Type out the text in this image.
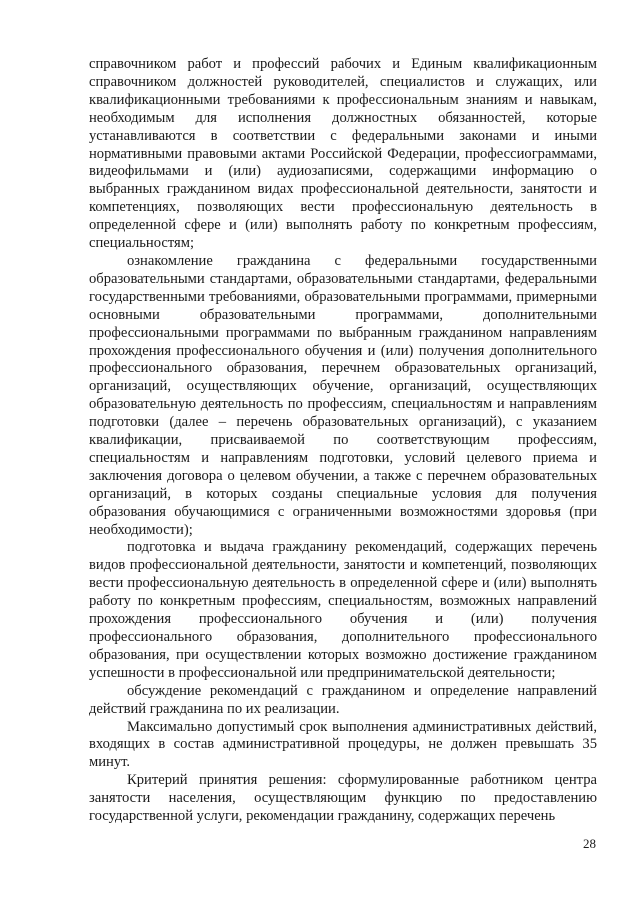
справочником работ и профессий рабочих и Единым квалификационным справочником должностей руководителей, специалистов и служащих, или квалификационными требованиями к профессиональным знаниям и навыкам, необходимым для исполнения должностных обязанностей, которые устанавливаются в соответствии с федеральными законами и иными нормативными правовыми актами Российской Федерации, профессиограммами, видеофильмами и (или) аудиозаписями, содержащими информацию о выбранных гражданином видах профессиональной деятельности, занятости и компетенциях, позволяющих вести профессиональную деятельность в определенной сфере и (или) выполнять работу по конкретным профессиям, специальностям;

ознакомление гражданина с федеральными государственными образовательными стандартами, образовательными стандартами, федеральными государственными требованиями, образовательными программами, примерными основными образовательными программами, дополнительными профессиональными программами по выбранным гражданином направлениям прохождения профессионального обучения и (или) получения дополнительного профессионального образования, перечнем образовательных организаций, организаций, осуществляющих обучение, организаций, осуществляющих образовательную деятельность по профессиям, специальностям и направлениям подготовки (далее – перечень образовательных организаций), с указанием квалификации, присваиваемой по соответствующим профессиям, специальностям и направлениям подготовки, условий целевого приема и заключения договора о целевом обучении, а также с перечнем образовательных организаций, в которых созданы специальные условия для получения образования обучающимися с ограниченными возможностями здоровья (при необходимости);

подготовка и выдача гражданину рекомендаций, содержащих перечень видов профессиональной деятельности, занятости и компетенций, позволяющих вести профессиональную деятельность в определенной сфере и (или) выполнять работу по конкретным профессиям, специальностям, возможных направлений прохождения профессионального обучения и (или) получения профессионального образования, дополнительного профессионального образования, при осуществлении которых возможно достижение гражданином успешности в профессиональной или предпринимательской деятельности;

обсуждение рекомендаций с гражданином и определение направлений действий гражданина по их реализации.

Максимально допустимый срок выполнения административных действий, входящих в состав административной процедуры, не должен превышать 35 минут.

Критерий принятия решения: сформулированные работником центра занятости населения, осуществляющим функцию по предоставлению государственной услуги, рекомендации гражданину, содержащих перечень

28
